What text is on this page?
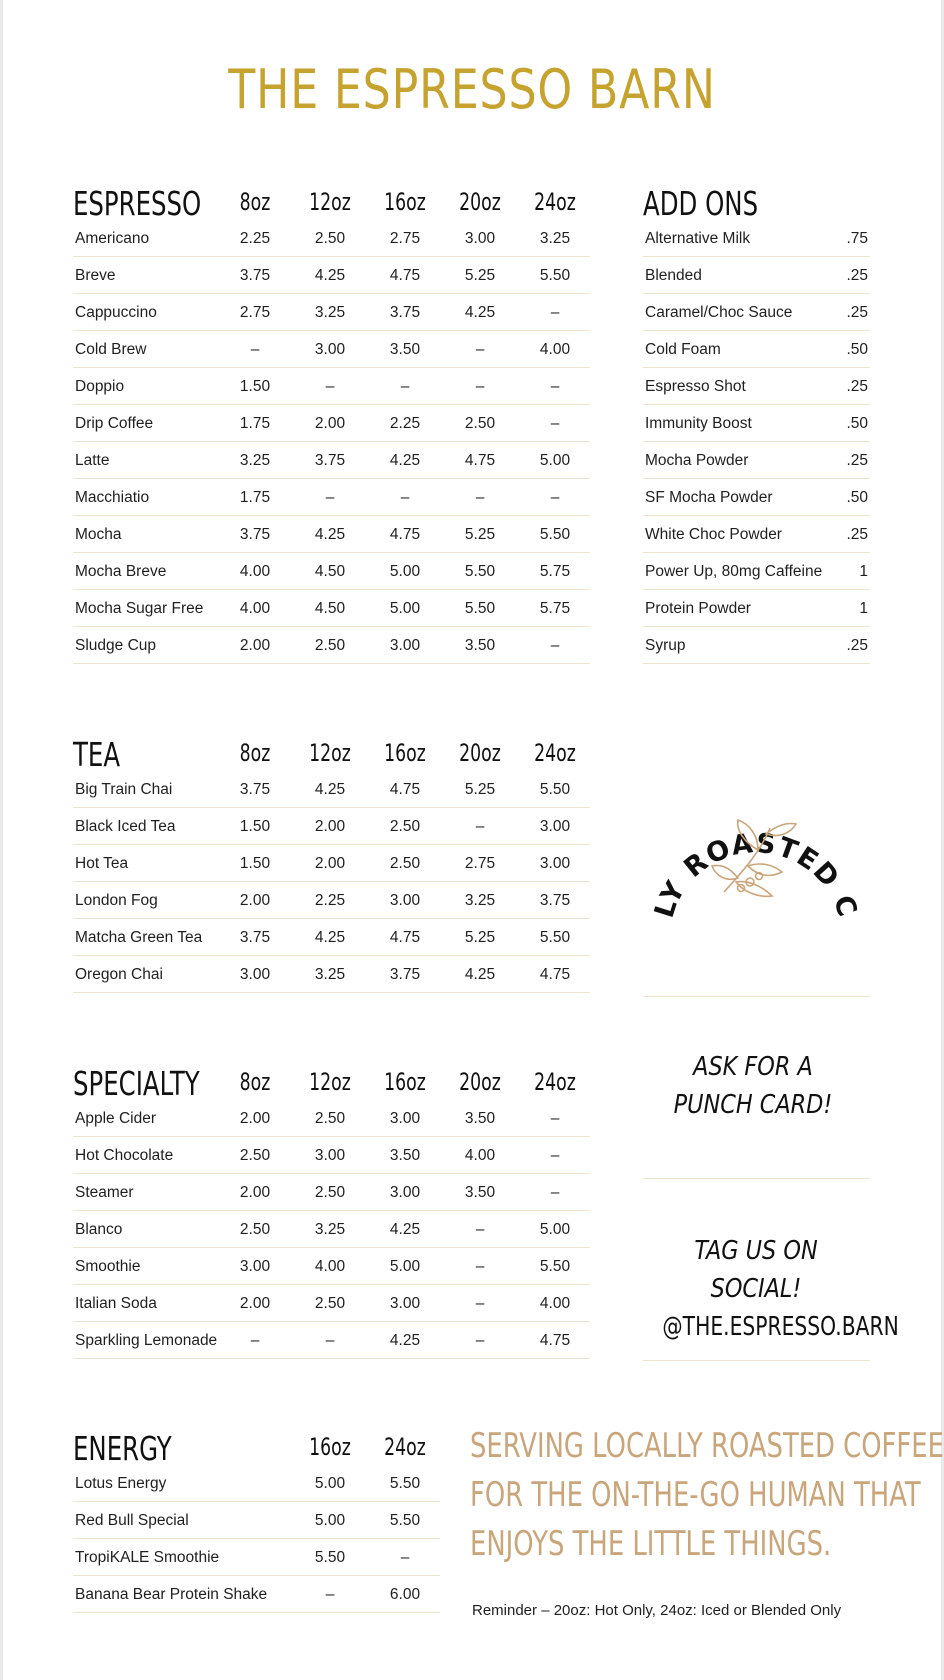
THE ESPRESSO BARN
ESPRESSO 8oz 12oz 16oz 20oz 24oz
Americano	2.25	2.50	2.75	3.00	3.25
Breve	3.75	4.25	4.75	5.25	5.50
Cappuccino	2.75	3.25	3.75	4.25	–
Cold Brew	–	3.00	3.50	–	4.00
Doppio	1.50	–	–	–	–
Drip Coffee	1.75	2.00	2.25	2.50	–
Latte	3.25	3.75	4.25	4.75	5.00
Macchiatio	1.75	–	–	–	–
Mocha	3.75	4.25	4.75	5.25	5.50
Mocha Breve	4.00	4.50	5.00	5.50	5.75
Mocha Sugar Free	4.00	4.50	5.00	5.50	5.75
Sludge Cup	2.00	2.50	3.00	3.50	–
ADD ONS
Alternative Milk	.75
Blended	.25
Caramel/Choc Sauce	.25
Cold Foam	.50
Espresso Shot	.25
Immunity Boost	.50
Mocha Powder	.25
SF Mocha Powder	.50
White Choc Powder	.25
Power Up, 80mg Caffeine	1
Protein Powder	1
Syrup	.25
TEA	8oz 12oz 16oz 20oz 24oz
Big Train Chai	3.75	4.25	4.75	5.25	5.50
Black Iced Tea	1.50	2.00	2.50	–	3.00
Hot Tea	1.50	2.00	2.50	2.75	3.00
London Fog	2.00	2.25	3.00	3.25	3.75
Matcha Green Tea	3.75	4.25	4.75	5.25	5.50
Oregon Chai	3.00	3.25	3.75	4.25	4.75
SPECIALTY 8oz 12oz 16oz 20oz 24oz
Apple Cider	2.00	2.50	3.00	3.50	–
Hot Chocolate	2.50	3.00	3.50	4.00	–
Steamer	2.00	2.50	3.00	3.50	–
Blanco	2.50	3.25	4.25	–	5.00
Smoothie	3.00	4.00	5.00	–	5.50
Italian Soda	2.00	2.50	3.00	–	4.00
Sparkling Lemonade	–	–	4.25	–	4.75
ENERGY	16oz 24oz
Lotus Energy	5.00	5.50
Red Bull Special	5.00	5.50
TropiKALE Smoothie	5.50	–
Banana Bear Protein Shake	–	6.00
LY ROASTED C
ASK FOR A
PUNCH CARD!
TAG US ON SOCIAL!
@THE.ESPRESSO.BARN
SERVING LOCALLY ROASTED COFFEE
FOR THE ON-THE-GO HUMAN THAT
ENJOYS THE LITTLE THINGS.
Reminder – 20oz: Hot Only, 24oz: Iced or Blended Only
